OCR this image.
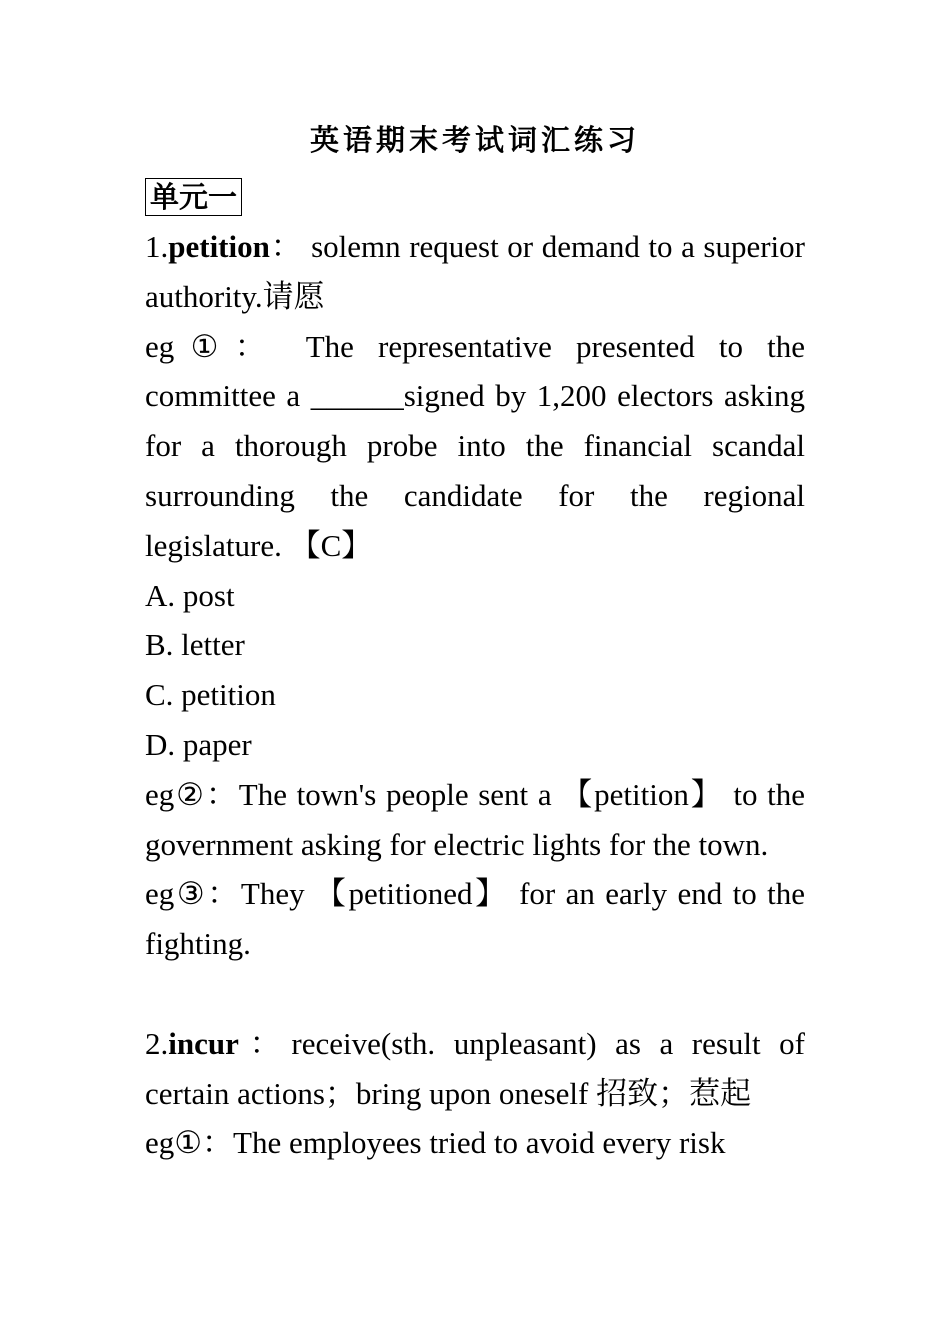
英语期末考试词汇练习
单元一

1.petition： solemn request or demand to a superior authority.请愿

eg①： The representative presented to the committee a ______signed by 1,200 electors asking for a thorough probe into the financial scandal surrounding the candidate for the regional legislature. 【C】

A. post

B. letter

C. petition

D. paper

eg②：The town's people sent a 【petition】 to the government asking for electric lights for the town.

eg③：They 【petitioned】 for an early end to the fighting.

2.incur：receive(sth. unpleasant) as a result of certain actions；bring upon oneself 招致；惹起

eg①：The employees tried to avoid every risk
